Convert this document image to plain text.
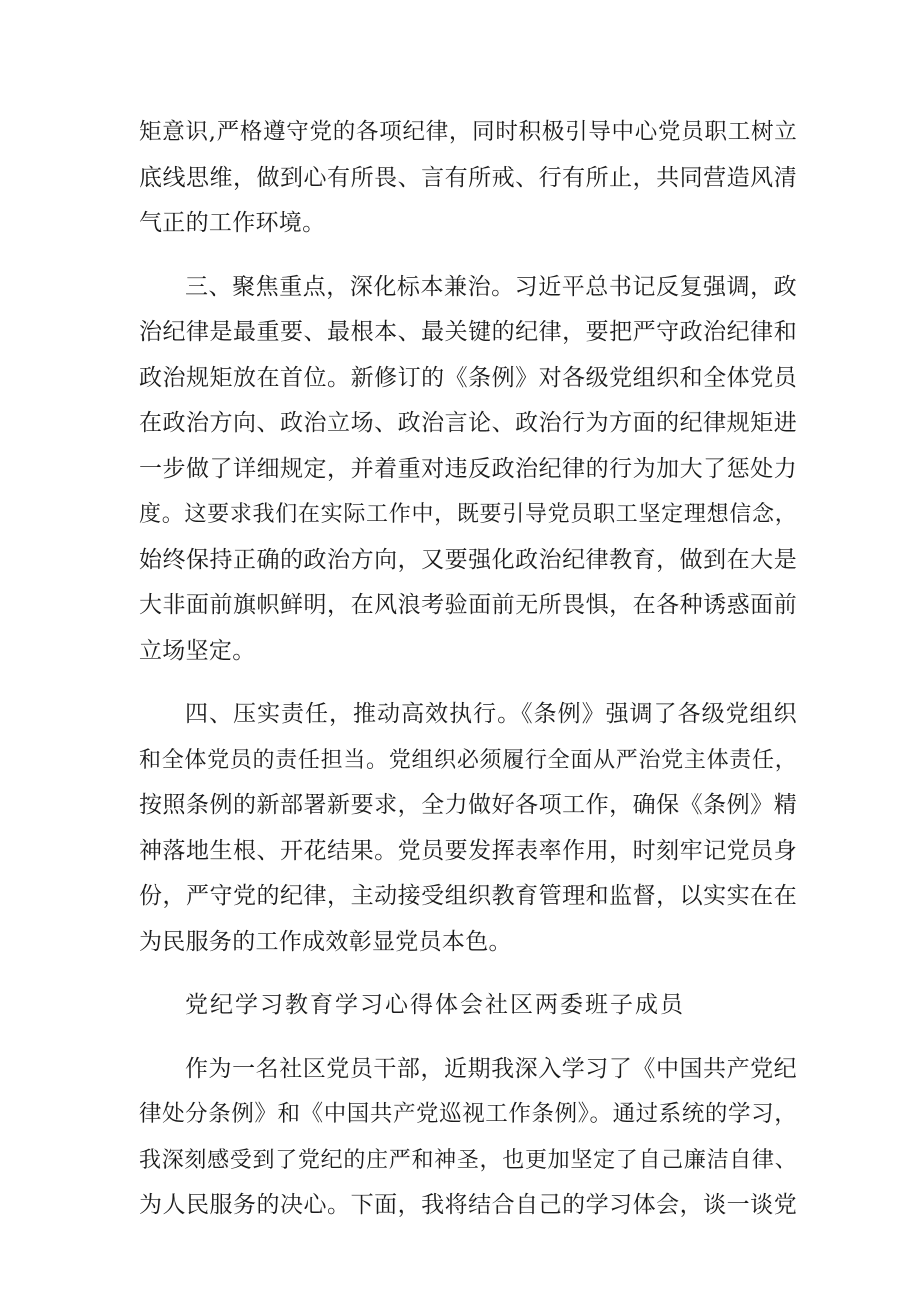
矩意识,严格遵守党的各项纪律，同时积极引导中心党员职工树立
底线思维，做到心有所畏、言有所戒、行有所止，共同营造风清
气正的工作环境。
三、聚焦重点，深化标本兼治。习近平总书记反复强调，政
治纪律是最重要、最根本、最关键的纪律，要把严守政治纪律和
政治规矩放在首位。新修订的《条例》对各级党组织和全体党员
在政治方向、政治立场、政治言论、政治行为方面的纪律规矩进
一步做了详细规定，并着重对违反政治纪律的行为加大了惩处力
度。这要求我们在实际工作中，既要引导党员职工坚定理想信念，
始终保持正确的政治方向，又要强化政治纪律教育，做到在大是
大非面前旗帜鲜明，在风浪考验面前无所畏惧，在各种诱惑面前
立场坚定。
四、压实责任，推动高效执行。《条例》强调了各级党组织
和全体党员的责任担当。党组织必须履行全面从严治党主体责任，
按照条例的新部署新要求，全力做好各项工作，确保《条例》精
神落地生根、开花结果。党员要发挥表率作用，时刻牢记党员身
份，严守党的纪律，主动接受组织教育管理和监督，以实实在在
为民服务的工作成效彰显党员本色。
党纪学习教育学习心得体会社区两委班子成员
作为一名社区党员干部，近期我深入学习了《中国共产党纪
律处分条例》和《中国共产党巡视工作条例》。通过系统的学习，
我深刻感受到了党纪的庄严和神圣，也更加坚定了自己廉洁自律、
为人民服务的决心。下面，我将结合自己的学习体会，谈一谈党
